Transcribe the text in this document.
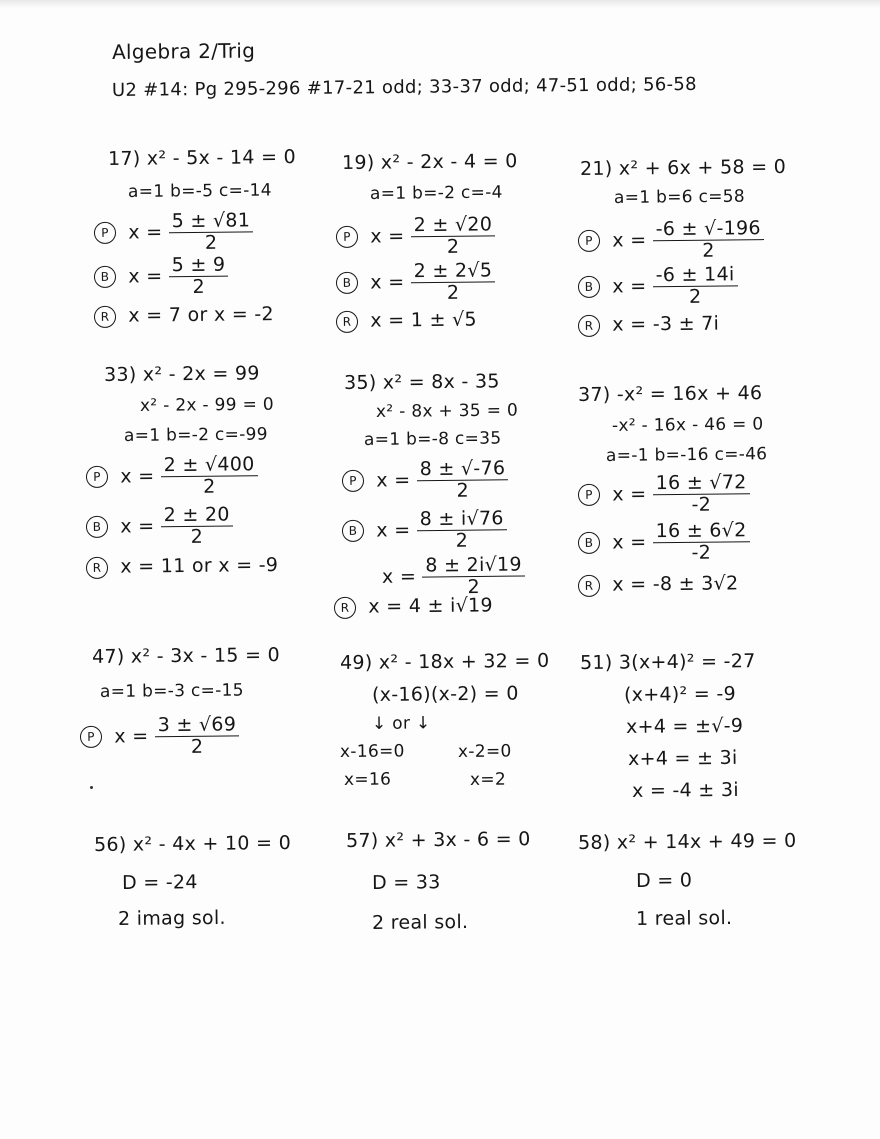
Algebra 2/Trig
U2 #14: Pg 295-296 #17-21 odd; 33-37 odd; 47-51 odd; 56-58
17) x² - 5x - 14 = 0
a=1 b=-5 c=-14
P $x = \frac{5 \pm √81}{2}$
B $x = \frac{5 \pm 9}{2}$
R x = 7 or x = -2
19) x² - 2x - 4 = 0
a=1 b=-2 c=-4
P $x = \frac{2 \pm √20}{2}$
B $x = \frac{2 \pm 2√5}{2}$
R x = 1 ± √5
21) x² + 6x + 58 = 0
a=1 b=6 c=58
P $x = \frac{-6 \pm √-196}{2}$
B $x = \frac{-6 \pm 14i}{2}$
R x = -3 ± 7i
33) x² - 2x = 99
x² - 2x - 99 = 0
a=1 b=-2 c=-99
P $x = \frac{2 \pm √400}{2}$
B $x = \frac{2 \pm 20}{2}$
R x = 11 or x = -9
35) x² = 8x - 35
x² - 8x + 35 = 0
a=1 b=-8 c=35
P $x = \frac{8 \pm √-76}{2}$
B $x = \frac{8 \pm i√76}{2}$
$x = \frac{8 \pm 2i√19}{2}$
R x = 4 ± i√19
37) -x² = 16x + 46
-x² - 16x - 46 = 0
a=-1 b=-16 c=-46
P $x = \frac{16 \pm √72}{-2}$
B $x = \frac{16 \pm 6√2}{-2}$
R x = -8 ± 3√2
47) x² - 3x - 15 = 0
a=1 b=-3 c=-15
P $x = \frac{3 \pm √69}{2}$
49) x² - 18x + 32 = 0
(x-16)(x-2) = 0
↓ or ↓
x-16=0
x=16
x-2=0
x=2
51) 3(x+4)² = -27
(x+4)² = -9
x+4 = ±√-9
x+4 = ± 3i
x = -4 ± 3i
56) x² - 4x + 10 = 0
D = -24
2 imag sol.
57) x² + 3x - 6 = 0
D = 33
2 real sol.
58) x² + 14x + 49 = 0
D = 0
1 real sol.
